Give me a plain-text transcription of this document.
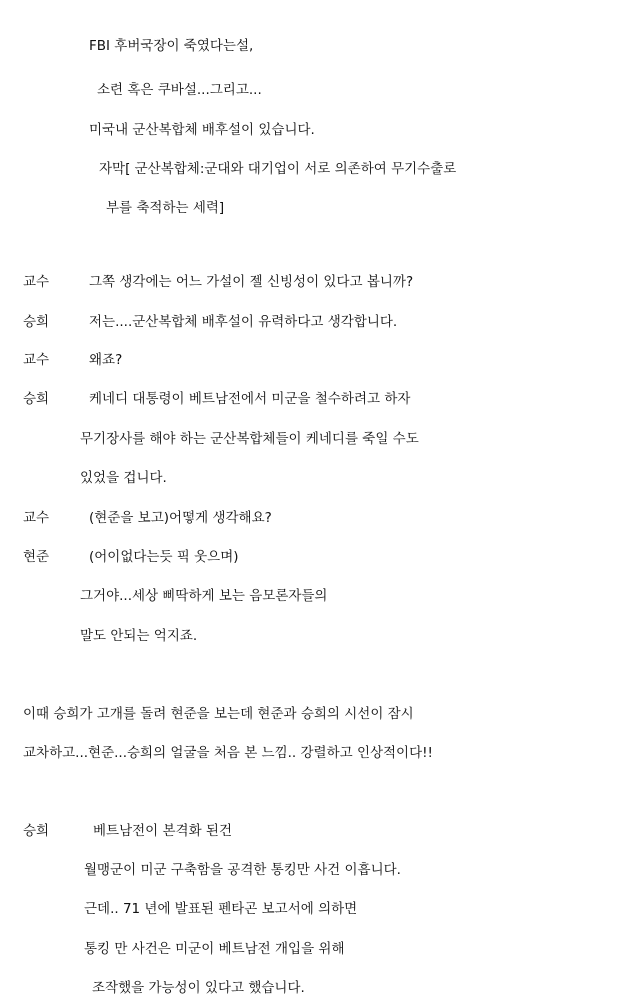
FBI 후버국장이 죽였다는설,
소련 혹은 쿠바설...그리고...
미국내 군산복합체 배후설이 있습니다.
자막[ 군산복합체:군대와 대기업이 서로 의존하여 무기수출로
부를 축적하는 세력]
교수	그쪽 생각에는 어느 가설이 젤 신빙성이 있다고 봅니까?
승희	저는....군산복합체 배후설이 유력하다고 생각합니다.
교수	왜죠?
승희	케네디 대통령이 베트남전에서 미군을 철수하려고 하자
무기장사를 해야 하는 군산복합체들이 케네디를 죽일 수도
있었을 겁니다.
교수	(현준을 보고)어떻게 생각해요?
현준	(어이없다는듯 픽 웃으며)
그거야...세상 삐딱하게 보는 음모론자들의
말도 안되는 억지죠.
이때 승희가 고개를 돌려 현준을 보는데 현준과 승희의 시선이 잠시
교차하고...현준...승희의 얼굴을 처음 본 느낌.. 강렬하고 인상적이다!!
승희	베트남전이 본격화 된건
월맹군이 미군 구축함을 공격한 통킹만 사건 이흡니다.
근데.. 71 년에 발표된 펜타곤 보고서에 의하면
통킹 만 사건은 미군이 베트남전 개입을 위해
조작했을 가능성이 있다고 했습니다.
